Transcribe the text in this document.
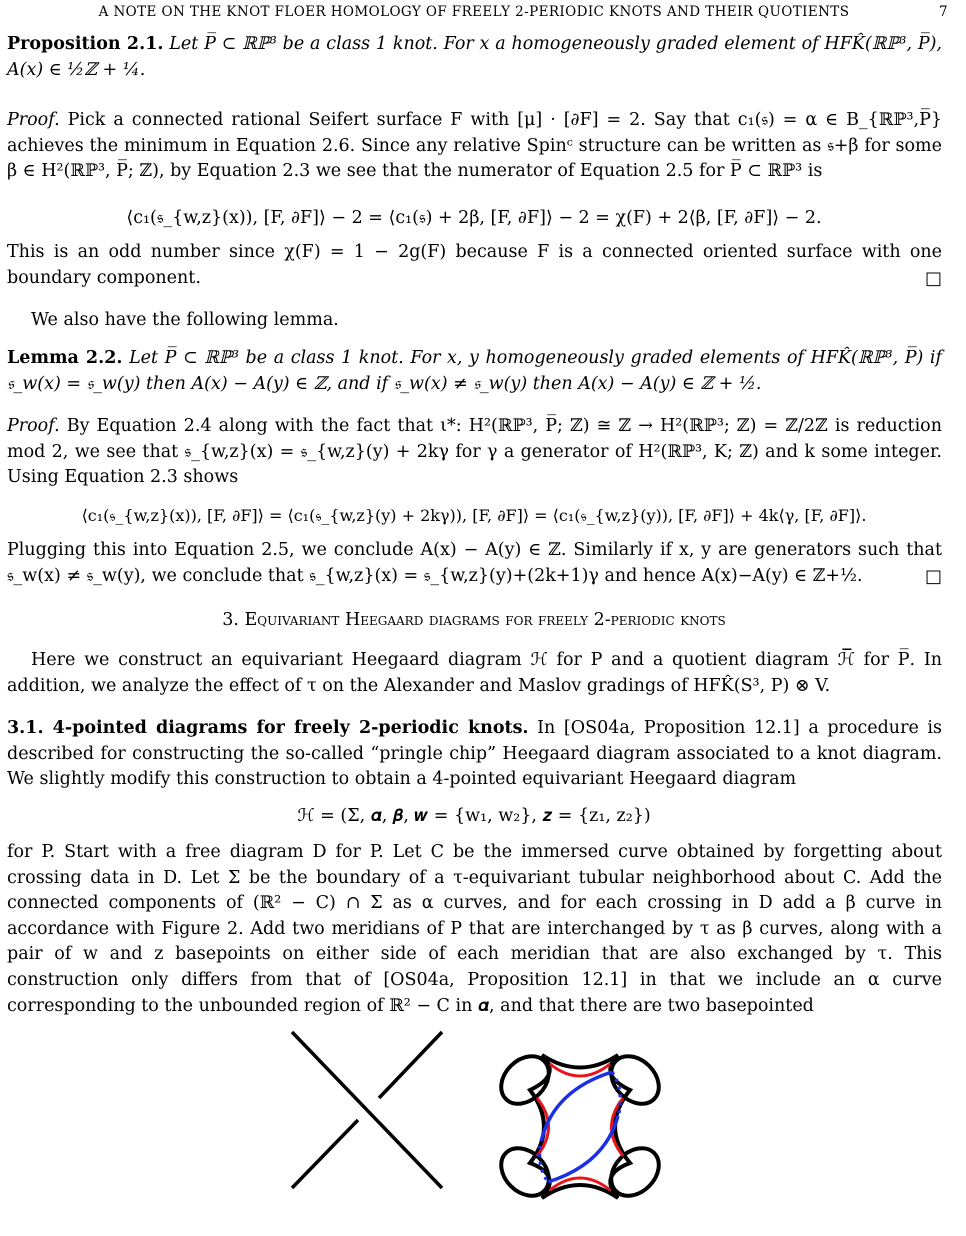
A NOTE ON THE KNOT FLOER HOMOLOGY OF FREELY 2-PERIODIC KNOTS AND THEIR QUOTIENTS	7
Proposition 2.1. Let P̅ ⊂ ℝℙ³ be a class 1 knot. For x a homogeneously graded element of HFK̂(ℝℙ³, P̅), A(x) ∈ ½ℤ + ¼.
Proof. Pick a connected rational Seifert surface F with [μ] · [∂F] = 2. Say that c₁(𝔰) = α ∈ B_{ℝℙ³,P̅} achieves the minimum in Equation 2.6. Since any relative Spinᶜ structure can be written as 𝔰+β for some β ∈ H²(ℝℙ³, P̅; ℤ), by Equation 2.3 we see that the numerator of Equation 2.5 for P̅ ⊂ ℝℙ³ is
⟨c₁(𝔰_{w,z}(x)), [F, ∂F]⟩ − 2 = ⟨c₁(𝔰) + 2β, [F, ∂F]⟩ − 2 = χ(F) + 2⟨β, [F, ∂F]⟩ − 2.
This is an odd number since χ(F) = 1 − 2g(F) because F is a connected oriented surface with one boundary component.	□
We also have the following lemma.
Lemma 2.2. Let P̅ ⊂ ℝℙ³ be a class 1 knot. For x, y homogeneously graded elements of HFK̂(ℝℙ³, P̅) if 𝔰_w(x) = 𝔰_w(y) then A(x) − A(y) ∈ ℤ, and if 𝔰_w(x) ≠ 𝔰_w(y) then A(x) − A(y) ∈ ℤ + ½.
Proof. By Equation 2.4 along with the fact that ι*: H²(ℝℙ³, P̅; ℤ) ≅ ℤ → H²(ℝℙ³; ℤ) = ℤ/2ℤ is reduction mod 2, we see that 𝔰_{w,z}(x) = 𝔰_{w,z}(y) + 2kγ for γ a generator of H²(ℝℙ³, K; ℤ) and k some integer. Using Equation 2.3 shows
⟨c₁(𝔰_{w,z}(x)), [F, ∂F]⟩ = ⟨c₁(𝔰_{w,z}(y) + 2kγ)), [F, ∂F]⟩ = ⟨c₁(𝔰_{w,z}(y)), [F, ∂F]⟩ + 4k⟨γ, [F, ∂F]⟩.
Plugging this into Equation 2.5, we conclude A(x) − A(y) ∈ ℤ. Similarly if x, y are generators such that 𝔰_w(x) ≠ 𝔰_w(y), we conclude that 𝔰_{w,z}(x) = 𝔰_{w,z}(y)+(2k+1)γ and hence A(x)−A(y) ∈ ℤ+½.	□
3. Equivariant Heegaard diagrams for freely 2-periodic knots
Here we construct an equivariant Heegaard diagram ℋ for P and a quotient diagram ℋ̅ for P̅. In addition, we analyze the effect of τ on the Alexander and Maslov gradings of HFK̂(S³, P) ⊗ V.
3.1. 4-pointed diagrams for freely 2-periodic knots. In [OS04a, Proposition 12.1] a procedure is described for constructing the so-called “pringle chip” Heegaard diagram associated to a knot diagram. We slightly modify this construction to obtain a 4-pointed equivariant Heegaard diagram
ℋ = (Σ, 𝜶, 𝜷, 𝒘 = {w₁, w₂}, 𝒛 = {z₁, z₂})
for P. Start with a free diagram D for P. Let C be the immersed curve obtained by forgetting about crossing data in D. Let Σ be the boundary of a τ-equivariant tubular neighborhood about C. Add the connected components of (ℝ² − C) ∩ Σ as α curves, and for each crossing in D add a β curve in accordance with Figure 2. Add two meridians of P that are interchanged by τ as β curves, along with a pair of w and z basepoints on either side of each meridian that are also exchanged by τ. This construction only differs from that of [OS04a, Proposition 12.1] in that we include an α curve corresponding to the unbounded region of ℝ² − C in 𝜶, and that there are two basepointed
